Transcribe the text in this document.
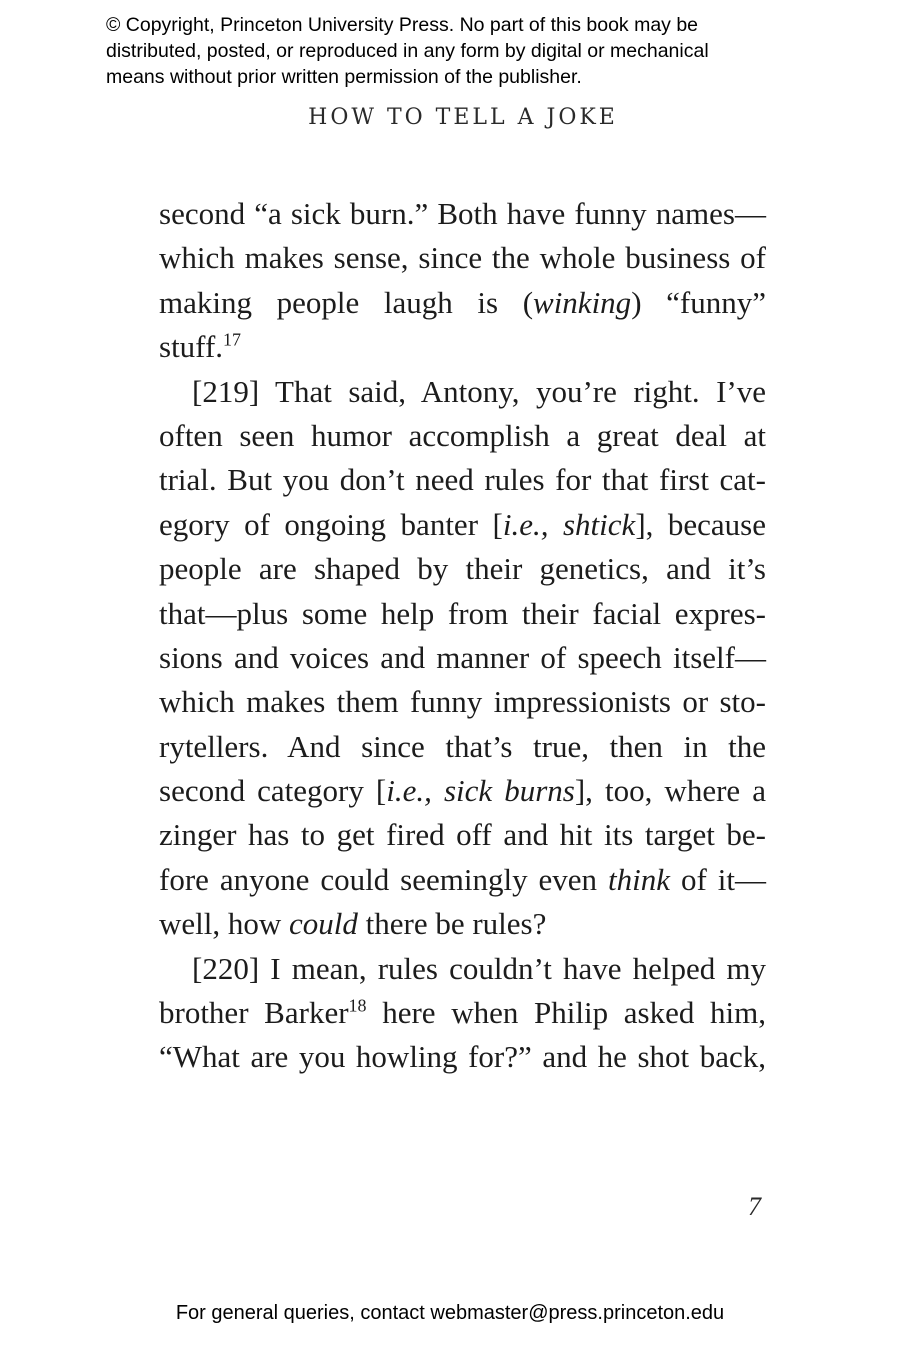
© Copyright, Princeton University Press. No part of this book may be
distributed, posted, or reproduced in any form by digital or mechanical
means without prior written permission of the publisher.
HOW TO TELL A JOKE
second “a sick burn.” Both have funny names—
which makes sense, since the whole business of
making people laugh is (winking) “funny”
stuff.$^{17}$
[219] That said, Antony, you’re right. I’ve
often seen humor accomplish a great deal at
trial. But you don’t need rules for that first cat-
egory of ongoing banter [i.e., shtick], because
people are shaped by their genetics, and it’s
that—plus some help from their facial expres-
sions and voices and manner of speech itself—
which makes them funny impressionists or sto-
rytellers. And since that’s true, then in the
second category [i.e., sick burns], too, where a
zinger has to get fired off and hit its target be-
fore anyone could seemingly even think of it—
well, how could there be rules?
[220] I mean, rules couldn’t have helped my
brother Barker$^{18}$ here when Philip asked him,
“What are you howling for?” and he shot back,
7
For general queries, contact webmaster@press.princeton.edu
